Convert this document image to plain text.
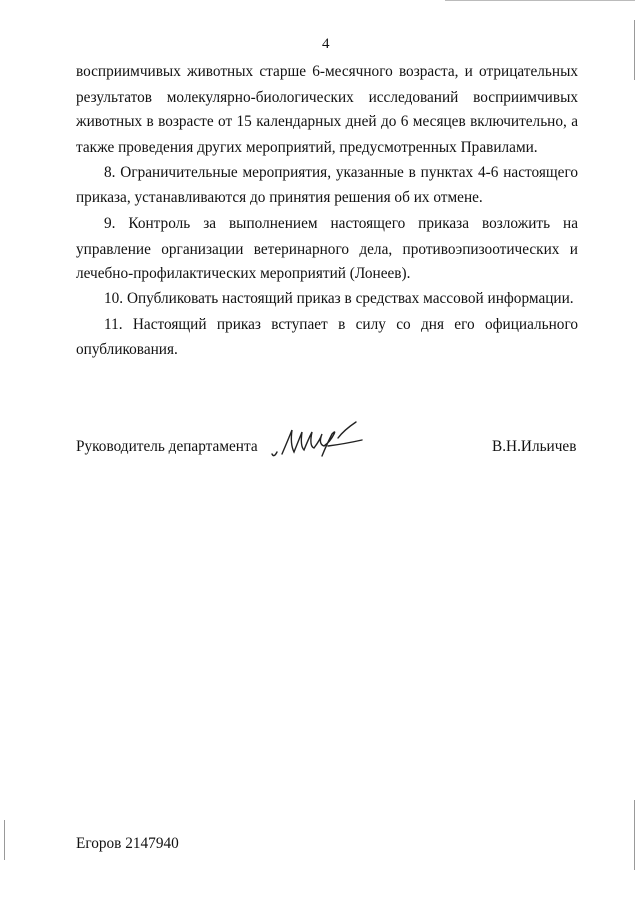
4
восприимчивых животных старше 6-месячного возраста, и отрицательных
результатов молекулярно-биологических исследований восприимчивых
животных в возрасте от 15 календарных дней до 6 месяцев включительно, а
также проведения других мероприятий, предусмотренных Правилами.
8. Ограничительные мероприятия, указанные в пунктах 4-6 настоящего
приказа, устанавливаются до принятия решения об их отмене.
9. Контроль за выполнением настоящего приказа возложить на
управление организации ветеринарного дела, противоэпизоотических и
лечебно-профилактических мероприятий (Лонеев).
10. Опубликовать настоящий приказ в средствах массовой информации.
11. Настоящий приказ вступает в силу со дня его официального
опубликования.
Руководитель департамента	В.Н.Ильичев
Егоров 2147940
